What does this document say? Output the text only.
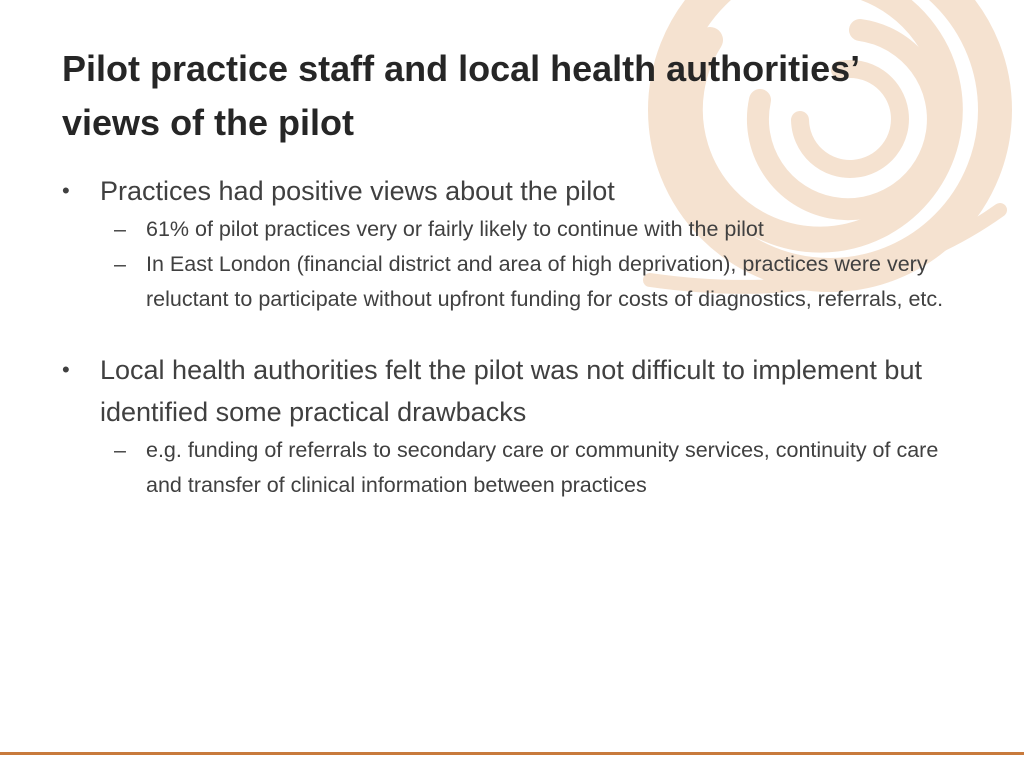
Pilot practice staff and local health authorities’ views of the pilot
•	Practices had positive views about the pilot
– 61% of pilot practices very or fairly likely to continue with the pilot
– In East London (financial district and area of high deprivation), practices were very reluctant to participate without upfront funding for costs of diagnostics, referrals, etc.
•	Local health authorities felt the pilot was not difficult to implement but identified some practical drawbacks
– e.g. funding of referrals to secondary care or community services, continuity of care and transfer of clinical information between practices
